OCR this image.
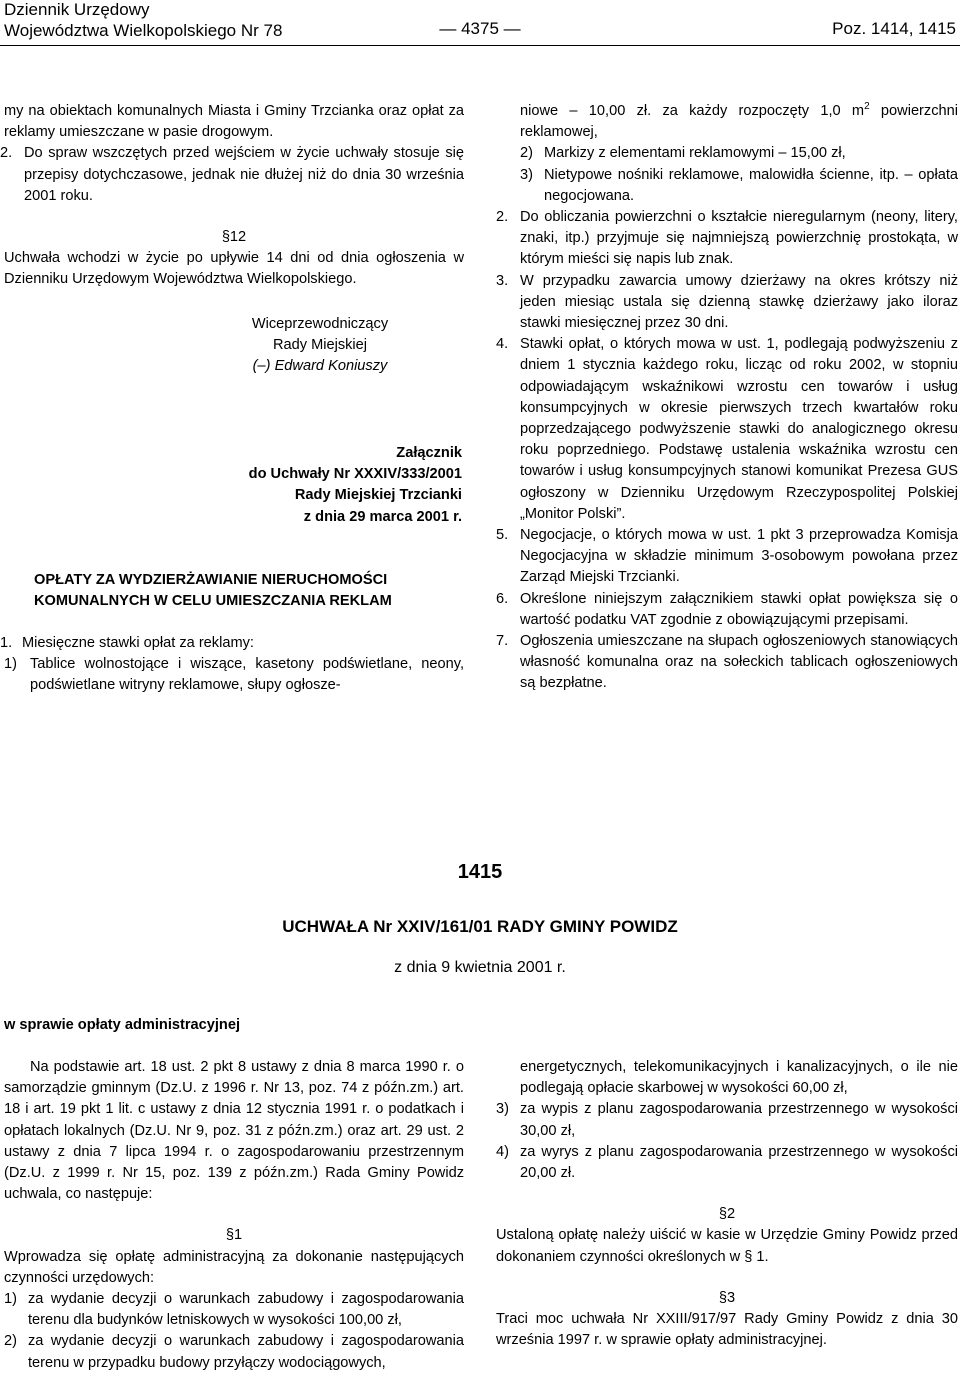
Dziennik Urzędowy
Województwa Wielkopolskiego Nr 78	— 4375 —	Poz. 1414, 1415

my na obiektach komunalnych Miasta i Gminy Trzcianka oraz opłat za reklamy umieszczane w pasie drogowym.

2. Do spraw wszczętych przed wejściem w życie uchwały stosuje się przepisy dotychczasowe, jednak nie dłużej niż do dnia 30 września 2001 roku.
§12

Uchwała wchodzi w życie po upływie 14 dni od dnia ogłoszenia w Dzienniku Urzędowym Województwa Wielkopolskiego.

Wiceprzewodniczący
Rady Miejskiej
(–) Edward Koniuszy
Załącznik
do Uchwały Nr XXXIV/333/2001
Rady Miejskiej Trzcianki
z dnia 29 marca 2001 r.
OPŁATY ZA WYDZIERŻAWIANIE NIERUCHOMOŚCI
KOMUNALNYCH W CELU UMIESZCZANIA REKLAM
1. Miesięczne stawki opłat za reklamy:
1) Tablice wolnostojące i wiszące, kasetony podświetlane, neony, podświetlane witryny reklamowe, słupy ogłosze-

niowe – 10,00 zł. za każdy rozpoczęty 1,0 $m^2$ powierzchni reklamowej,

2) Markizy z elementami reklamowymi – 15,00 zł,
3) Nietypowe nośniki reklamowe, malowidła ścienne, itp. – opłata negocjowana.
2. Do obliczania powierzchni o kształcie nieregularnym (neony, litery, znaki, itp.) przyjmuje się najmniejszą powierzchnię prostokąta, w którym mieści się napis lub znak.
3. W przypadku zawarcia umowy dzierżawy na okres krótszy niż jeden miesiąc ustala się dzienną stawkę dzierżawy jako iloraz stawki miesięcznej przez 30 dni.
4. Stawki opłat, o których mowa w ust. 1, podlegają podwyższeniu z dniem 1 stycznia każdego roku, licząc od roku 2002, w stopniu odpowiadającym wskaźnikowi wzrostu cen towarów i usług konsumpcyjnych w okresie pierwszych trzech kwartałów roku poprzedzającego podwyższenie stawki do analogicznego okresu roku poprzedniego. Podstawę ustalenia wskaźnika wzrostu cen towarów i usług konsumpcyjnych stanowi komunikat Prezesa GUS ogłoszony w Dzienniku Urzędowym Rzeczypospolitej Polskiej „Monitor Polski”.
5. Negocjacje, o których mowa w ust. 1 pkt 3 przeprowadza Komisja Negocjacyjna w składzie minimum 3-osobowym powołana przez Zarząd Miejski Trzcianki.
6. Określone niniejszym załącznikiem stawki opłat powiększa się o wartość podatku VAT zgodnie z obowiązującymi przepisami.
7. Ogłoszenia umieszczane na słupach ogłoszeniowych stanowiących własność komunalna oraz na sołeckich tablicach ogłoszeniowych są bezpłatne.
1415
UCHWAŁA Nr XXIV/161/01 RADY GMINY POWIDZ
z dnia 9 kwietnia 2001 r.
w sprawie opłaty administracyjnej

Na podstawie art. 18 ust. 2 pkt 8 ustawy z dnia 8 marca 1990 r. o samorządzie gminnym (Dz.U. z 1996 r. Nr 13, poz. 74 z późn.zm.) art. 18 i art. 19 pkt 1 lit. c ustawy z dnia 12 stycznia 1991 r. o podatkach i opłatach lokalnych (Dz.U. Nr 9, poz. 31 z późn.zm.) oraz art. 29 ust. 2 ustawy z dnia 7 lipca 1994 r. o zagospodarowaniu przestrzennym (Dz.U. z 1999 r. Nr 15, poz. 139 z późn.zm.) Rada Gminy Powidz uchwala, co następuje:

§1

Wprowadza się opłatę administracyjną za dokonanie następujących czynności urzędowych:

1) za wydanie decyzji o warunkach zabudowy i zagospodarowania terenu dla budynków letniskowych w wysokości 100,00 zł,
2) za wydanie decyzji o warunkach zabudowy i zagospodarowania terenu w przypadku budowy przyłączy wodociągowych,

energetycznych, telekomunikacyjnych i kanalizacyjnych, o ile nie podlegają opłacie skarbowej w wysokości 60,00 zł,

3) za wypis z planu zagospodarowania przestrzennego w wysokości 30,00 zł,
4) za wyrys z planu zagospodarowania przestrzennego w wysokości 20,00 zł.
§2

Ustaloną opłatę należy uiścić w kasie w Urzędzie Gminy Powidz przed dokonaniem czynności określonych w § 1.

§3

Traci moc uchwała Nr XXIII/917/97 Rady Gminy Powidz z dnia 30 września 1997 r. w sprawie opłaty administracyjnej.
